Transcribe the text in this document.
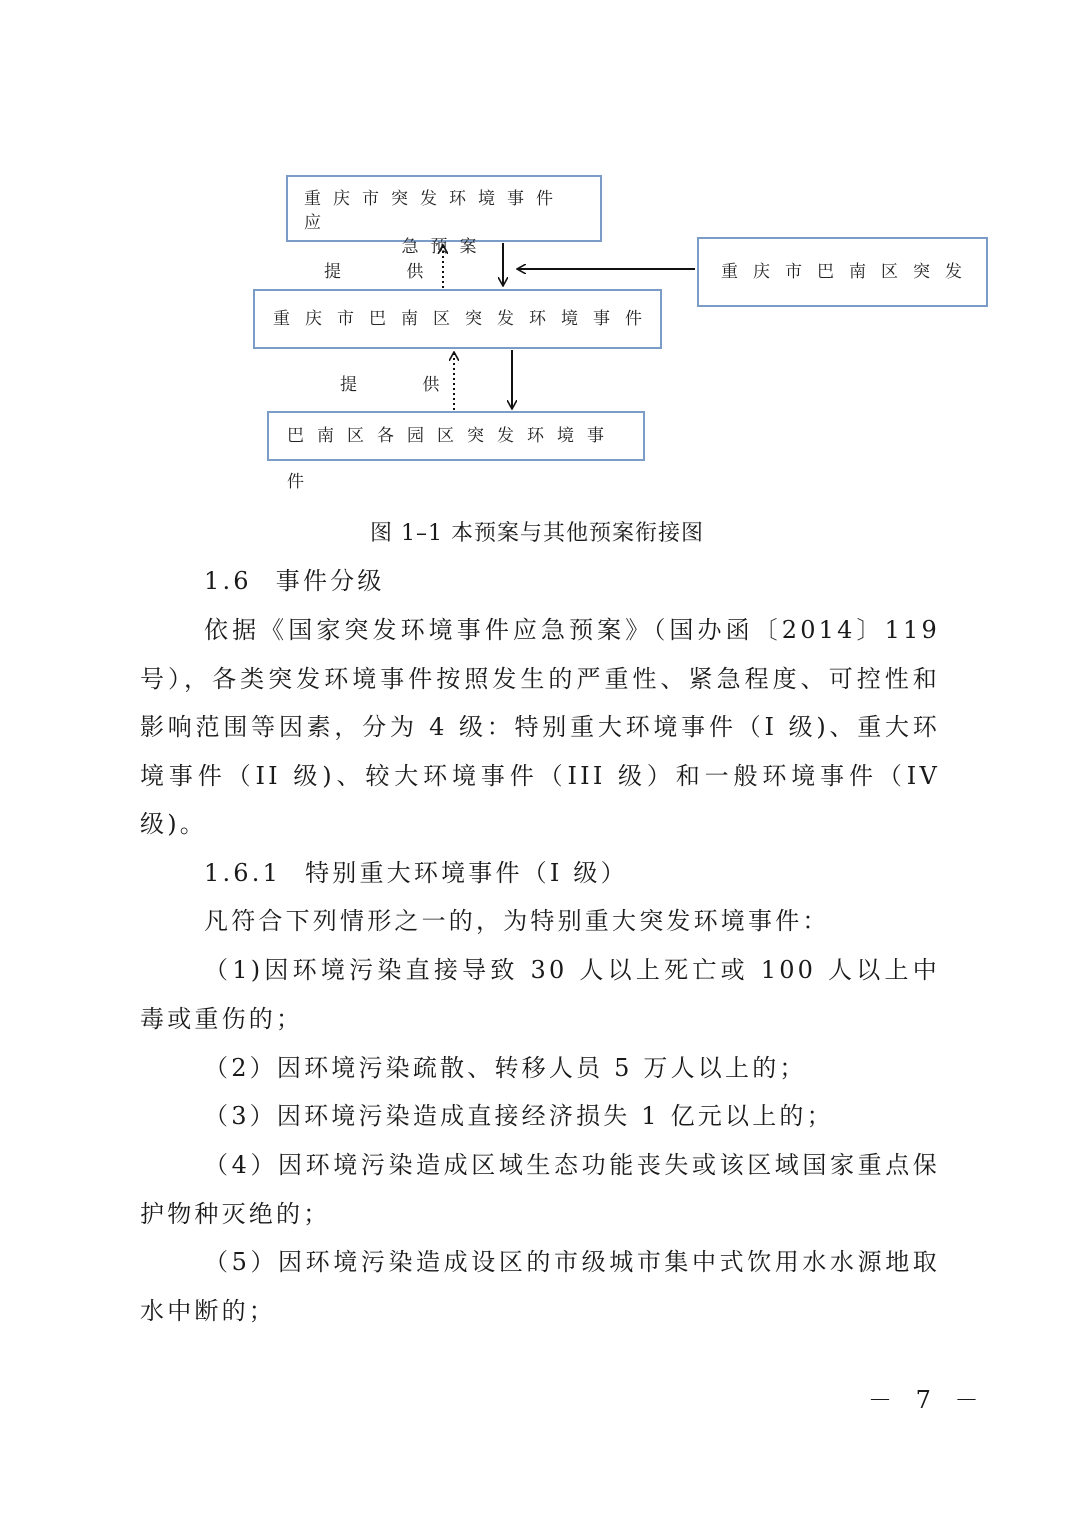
重庆市突发环境事件应
急预案
重庆市巴南区突发环境事件
巴南区各园区突发环境事件
重庆市巴南区突发
提 供
提 供
图 1–1 本预案与其他预案衔接图

1.6 事件分级

依据《国家突发环境事件应急预案》（国办函〔2014〕119 号），各类突发环境事件按照发生的严重性、紧急程度、可控性和影响范围等因素，分为 4 级：特别重大环境事件（I 级)、重大环境事件（II 级)、较大环境事件（III 级）和一般环境事件（IV 级)。

1.6.1 特别重大环境事件（I 级）

凡符合下列情形之一的，为特别重大突发环境事件：

（1)因环境污染直接导致 30 人以上死亡或 100 人以上中毒或重伤的；

（2）因环境污染疏散、转移人员 5 万人以上的；

（3）因环境污染造成直接经济损失 1 亿元以上的；

（4）因环境污染造成区域生态功能丧失或该区域国家重点保护物种灭绝的；

（5）因环境污染造成设区的市级城市集中式饮用水水源地取水中断的；

－ 7 －
